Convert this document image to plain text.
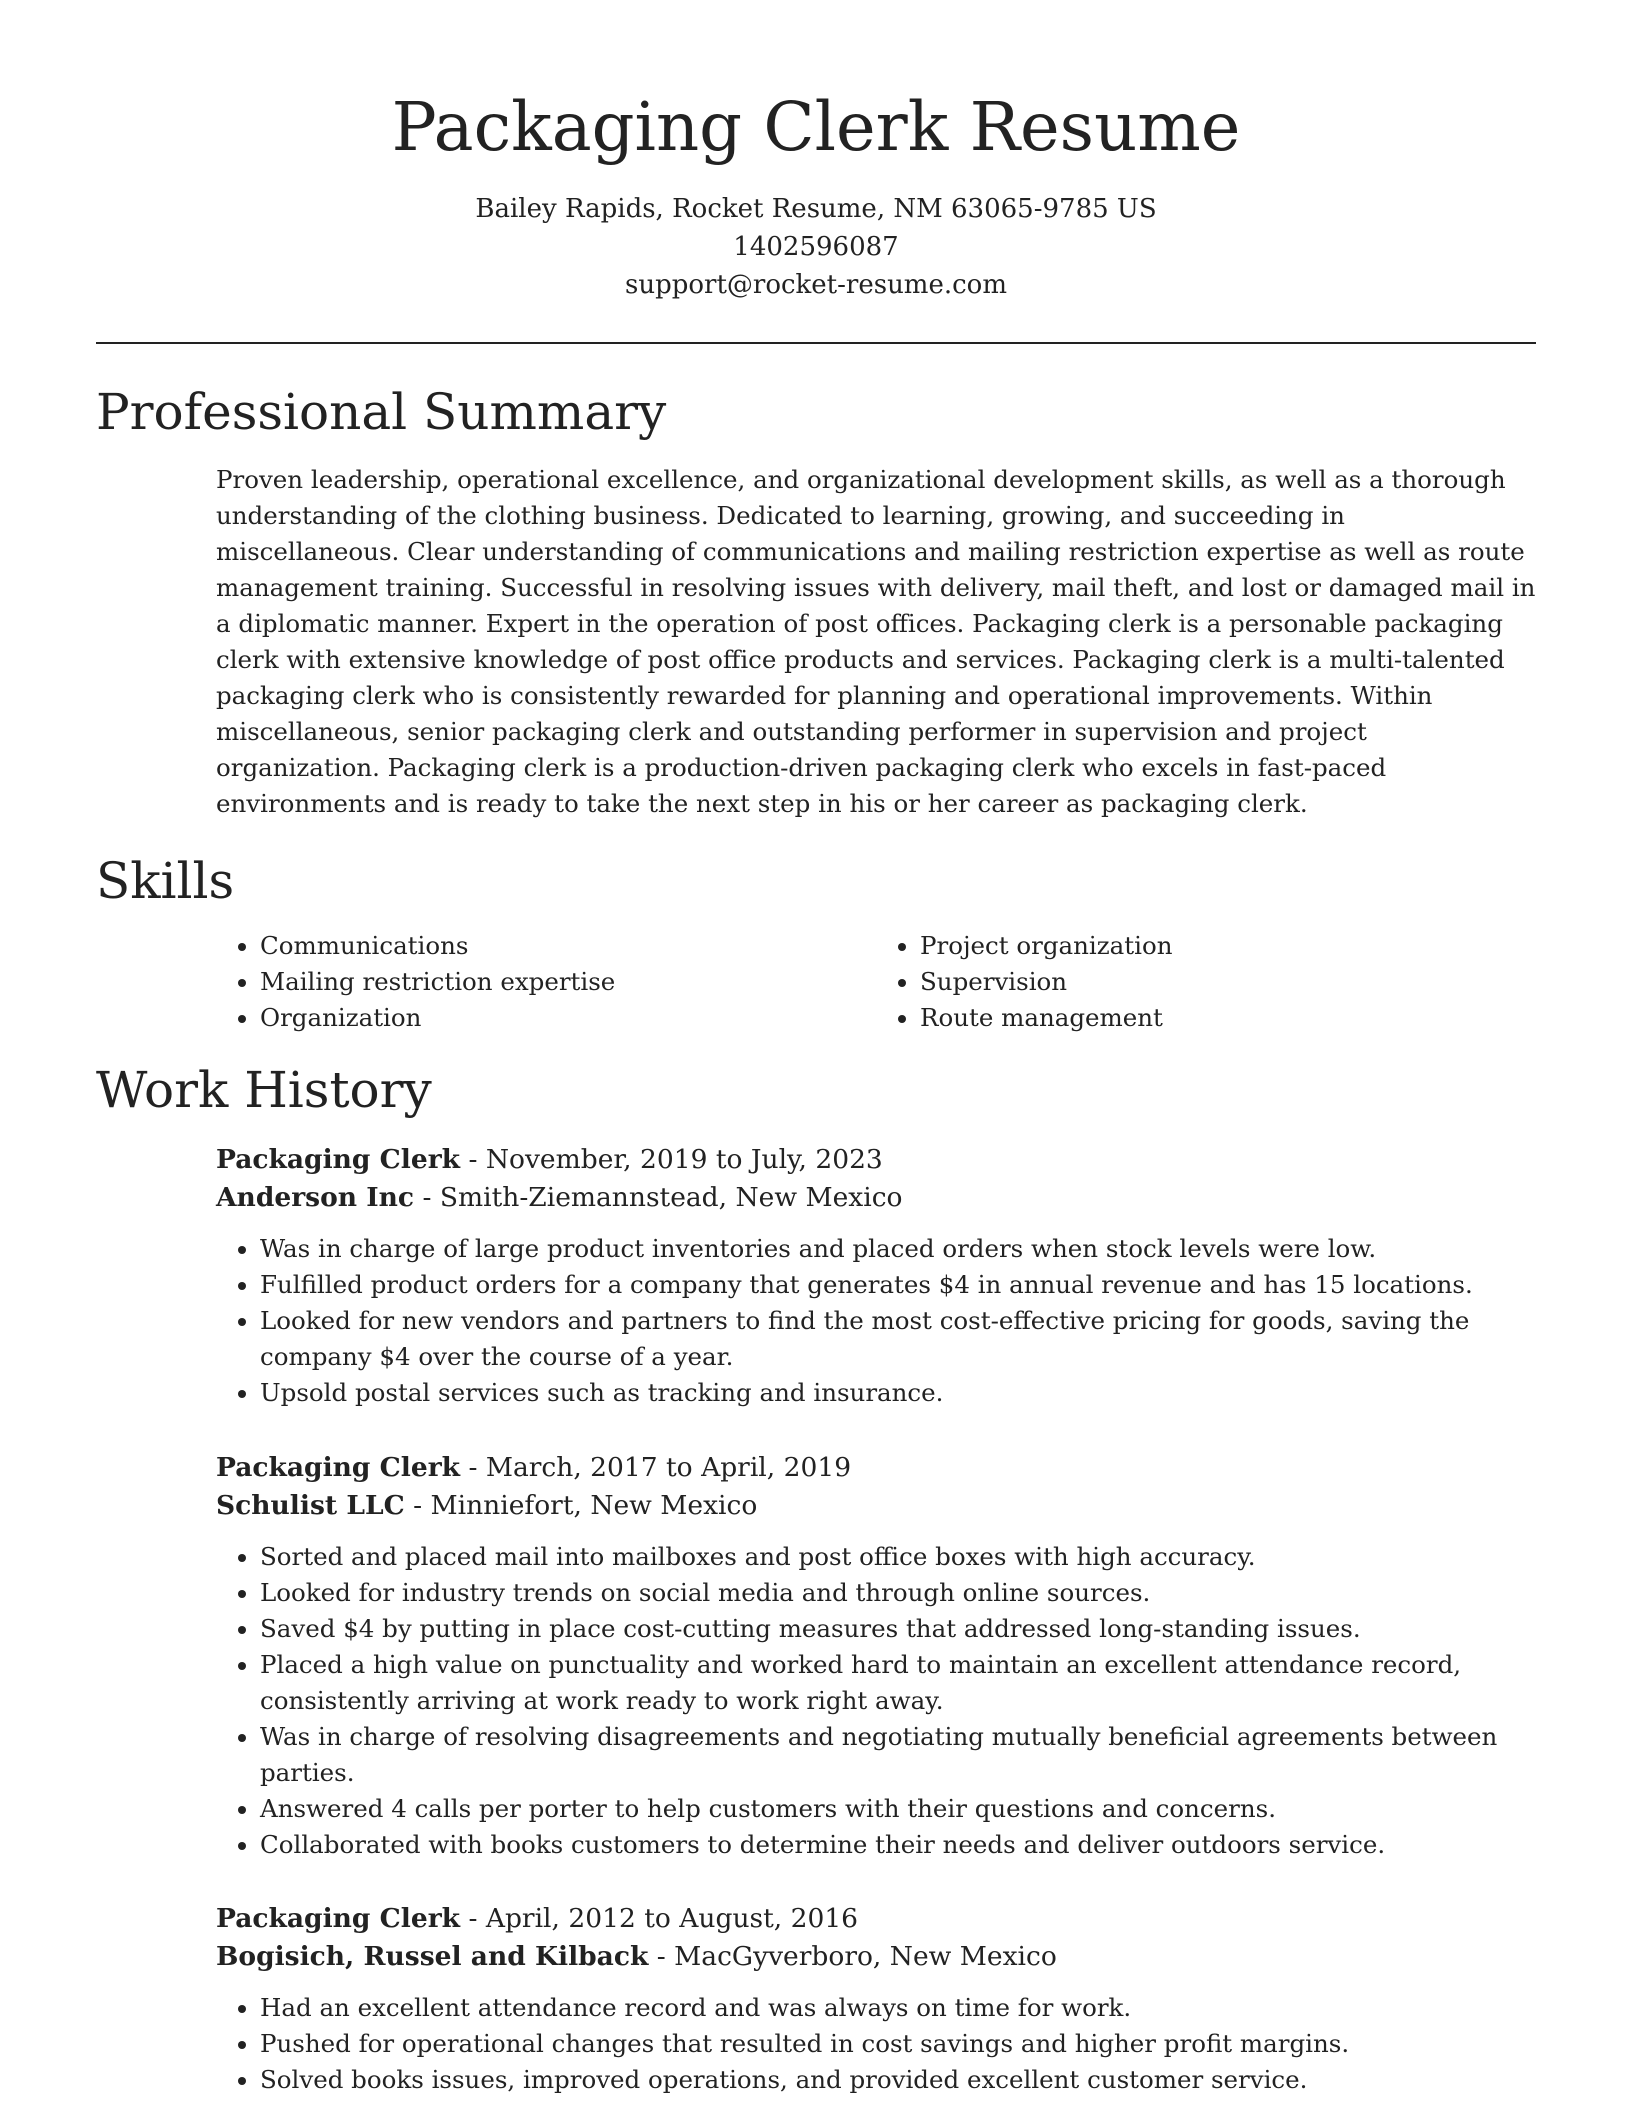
Packaging Clerk Resume
Bailey Rapids, Rocket Resume, NM 63065-9785 US
1402596087
support@rocket-resume.com
Professional Summary

Proven leadership, operational excellence, and organizational development skills, as well as a thorough understanding of the clothing business. Dedicated to learning, growing, and succeeding in miscellaneous. Clear understanding of communications and mailing restriction expertise as well as route management training. Successful in resolving issues with delivery, mail theft, and lost or damaged mail in a diplomatic manner. Expert in the operation of post offices. Packaging clerk is a personable packaging clerk with extensive knowledge of post office products and services. Packaging clerk is a multi-talented packaging clerk who is consistently rewarded for planning and operational improvements. Within miscellaneous, senior packaging clerk and outstanding performer in supervision and project organization. Packaging clerk is a production-driven packaging clerk who excels in fast-paced environments and is ready to take the next step in his or her career as packaging clerk.

Skills
• Communications
• Mailing restriction expertise
• Organization
• Project organization
• Supervision
• Route management
Work History
Packaging Clerk - November, 2019 to July, 2023
Anderson Inc - Smith-Ziemannstead, New Mexico
• Was in charge of large product inventories and placed orders when stock levels were low.
• Fulfilled product orders for a company that generates $4 in annual revenue and has 15 locations.
• Looked for new vendors and partners to find the most cost-effective pricing for goods, saving the company $4 over the course of a year.
• Upsold postal services such as tracking and insurance.
Packaging Clerk - March, 2017 to April, 2019
Schulist LLC - Minniefort, New Mexico
• Sorted and placed mail into mailboxes and post office boxes with high accuracy.
• Looked for industry trends on social media and through online sources.
• Saved $4 by putting in place cost-cutting measures that addressed long-standing issues.
• Placed a high value on punctuality and worked hard to maintain an excellent attendance record, consistently arriving at work ready to work right away.
• Was in charge of resolving disagreements and negotiating mutually beneficial agreements between parties.
• Answered 4 calls per porter to help customers with their questions and concerns.
• Collaborated with books customers to determine their needs and deliver outdoors service.
Packaging Clerk - April, 2012 to August, 2016
Bogisich, Russel and Kilback - MacGyverboro, New Mexico
• Had an excellent attendance record and was always on time for work.
• Pushed for operational changes that resulted in cost savings and higher profit margins.
• Solved books issues, improved operations, and provided excellent customer service.
